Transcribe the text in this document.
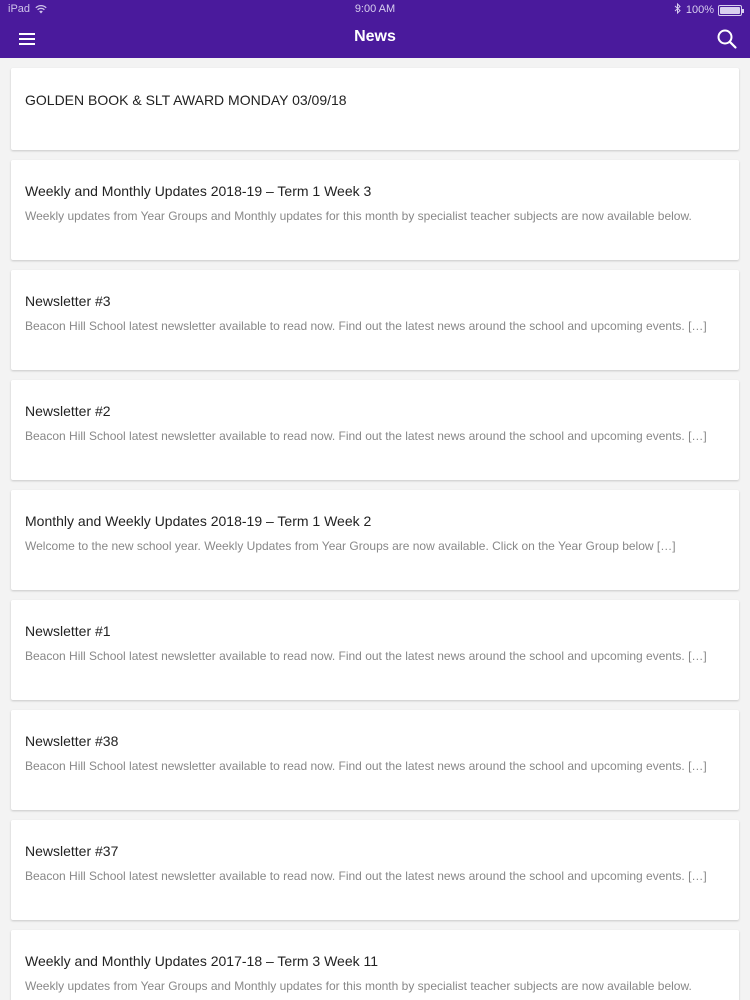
iPad	9:00 AM	100%
News

GOLDEN BOOK & SLT AWARD MONDAY 03/09/18

Weekly and Monthly Updates 2018-19 – Term 1 Week 3

Weekly updates from Year Groups and Monthly updates for this month by specialist teacher subjects are now available below.

Newsletter #3

Beacon Hill School latest newsletter available to read now. Find out the latest news around the school and upcoming events. […]

Newsletter #2

Beacon Hill School latest newsletter available to read now. Find out the latest news around the school and upcoming events. […]

Monthly and Weekly Updates 2018-19 – Term 1 Week 2

Welcome to the new school year. Weekly Updates from Year Groups are now available. Click on the Year Group below […]

Newsletter #1

Beacon Hill School latest newsletter available to read now. Find out the latest news around the school and upcoming events. […]

Newsletter #38

Beacon Hill School latest newsletter available to read now. Find out the latest news around the school and upcoming events. […]

Newsletter #37

Beacon Hill School latest newsletter available to read now. Find out the latest news around the school and upcoming events. […]

Weekly and Monthly Updates 2017-18 – Term 3 Week 11

Weekly updates from Year Groups and Monthly updates for this month by specialist teacher subjects are now available below.
